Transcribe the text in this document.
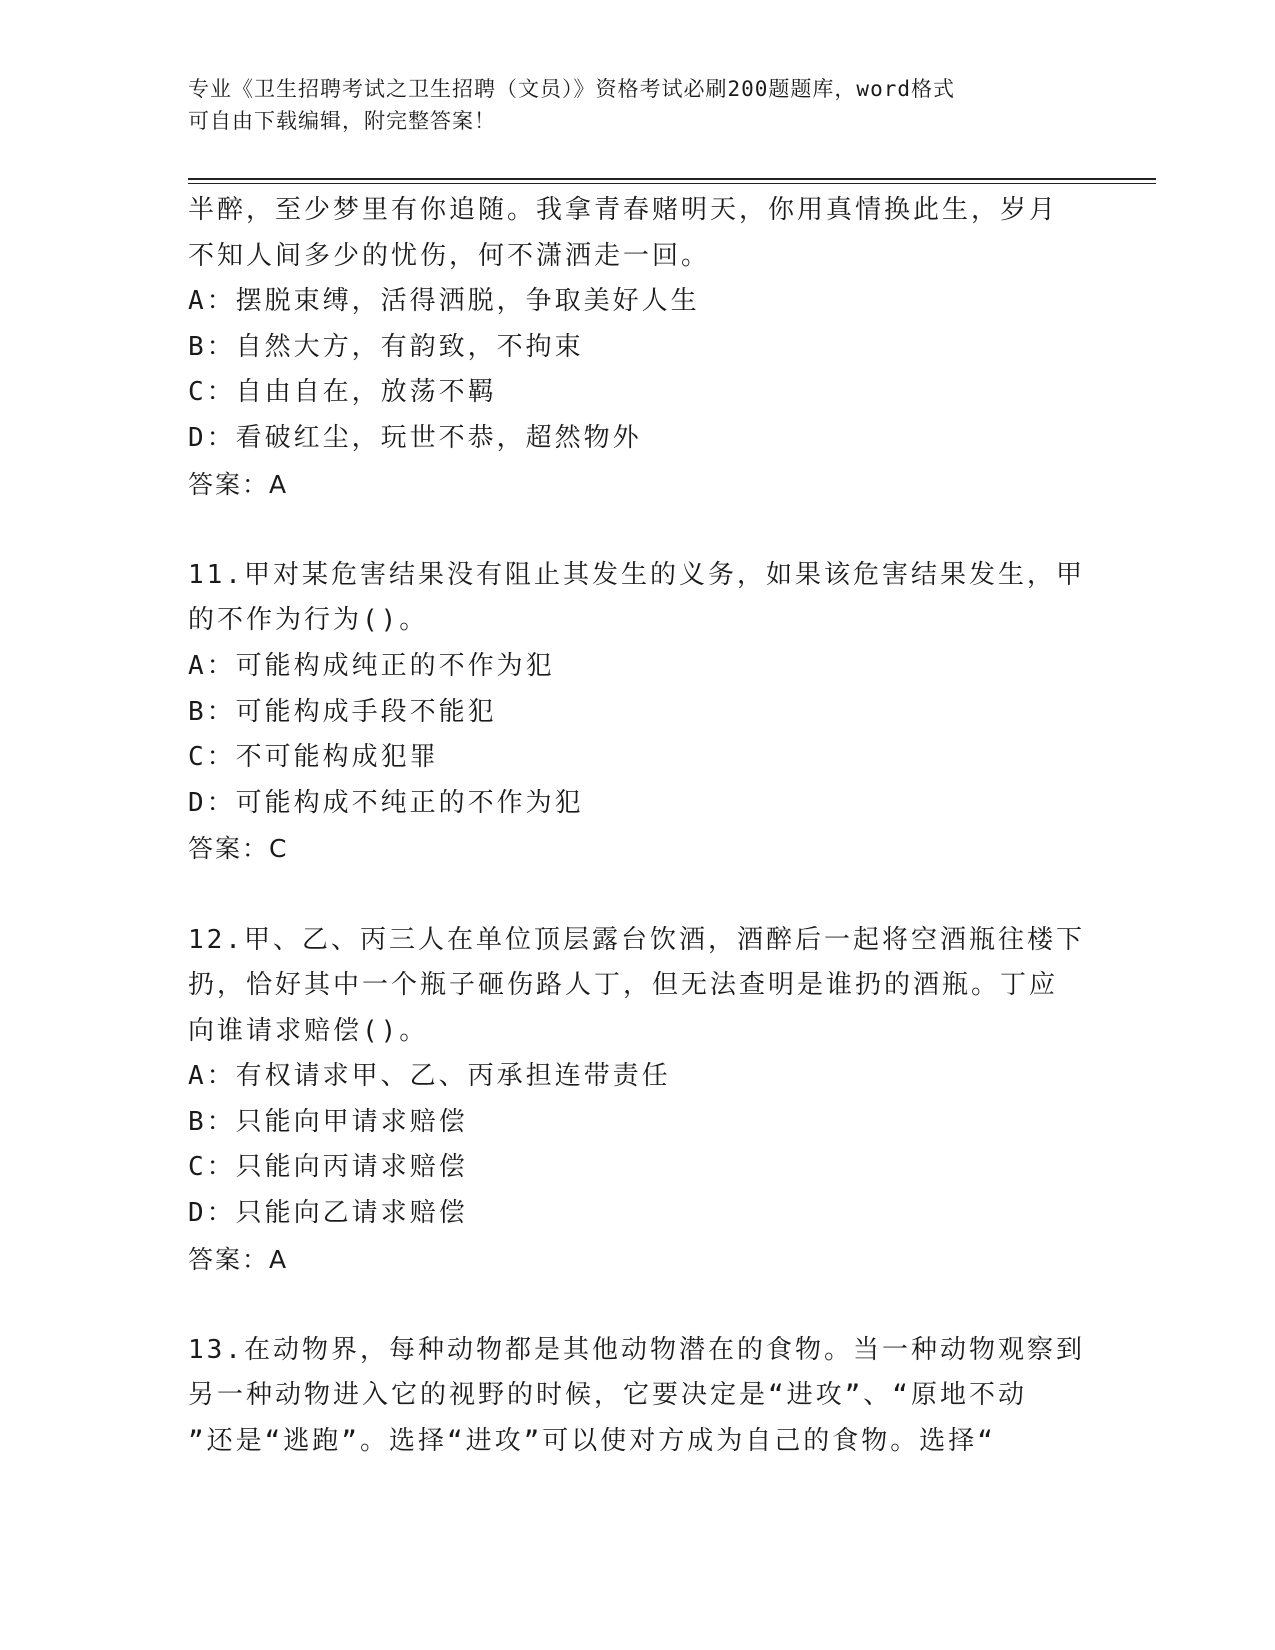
专业《卫生招聘考试之卫生招聘（文员）》资格考试必刷200题题库，word格式
可自由下载编辑，附完整答案！
半醉，至少梦里有你追随。我拿青春赌明天，你用真情换此生，岁月
不知人间多少的忧伤，何不潇洒走一回。
A：摆脱束缚，活得洒脱，争取美好人生
B：自然大方，有韵致，不拘束
C：自由自在，放荡不羁
D：看破红尘，玩世不恭，超然物外
答案：A
11.甲对某危害结果没有阻止其发生的义务，如果该危害结果发生，甲
的不作为行为()。
A：可能构成纯正的不作为犯
B：可能构成手段不能犯
C：不可能构成犯罪
D：可能构成不纯正的不作为犯
答案：C
12.甲、乙、丙三人在单位顶层露台饮酒，酒醉后一起将空酒瓶往楼下
扔，恰好其中一个瓶子砸伤路人丁，但无法查明是谁扔的酒瓶。丁应
向谁请求赔偿()。
A：有权请求甲、乙、丙承担连带责任
B：只能向甲请求赔偿
C：只能向丙请求赔偿
D：只能向乙请求赔偿
答案：A
13.在动物界，每种动物都是其他动物潜在的食物。当一种动物观察到
另一种动物进入它的视野的时候，它要决定是“进攻”、“原地不动
”还是“逃跑”。选择“进攻”可以使对方成为自己的食物。选择“
